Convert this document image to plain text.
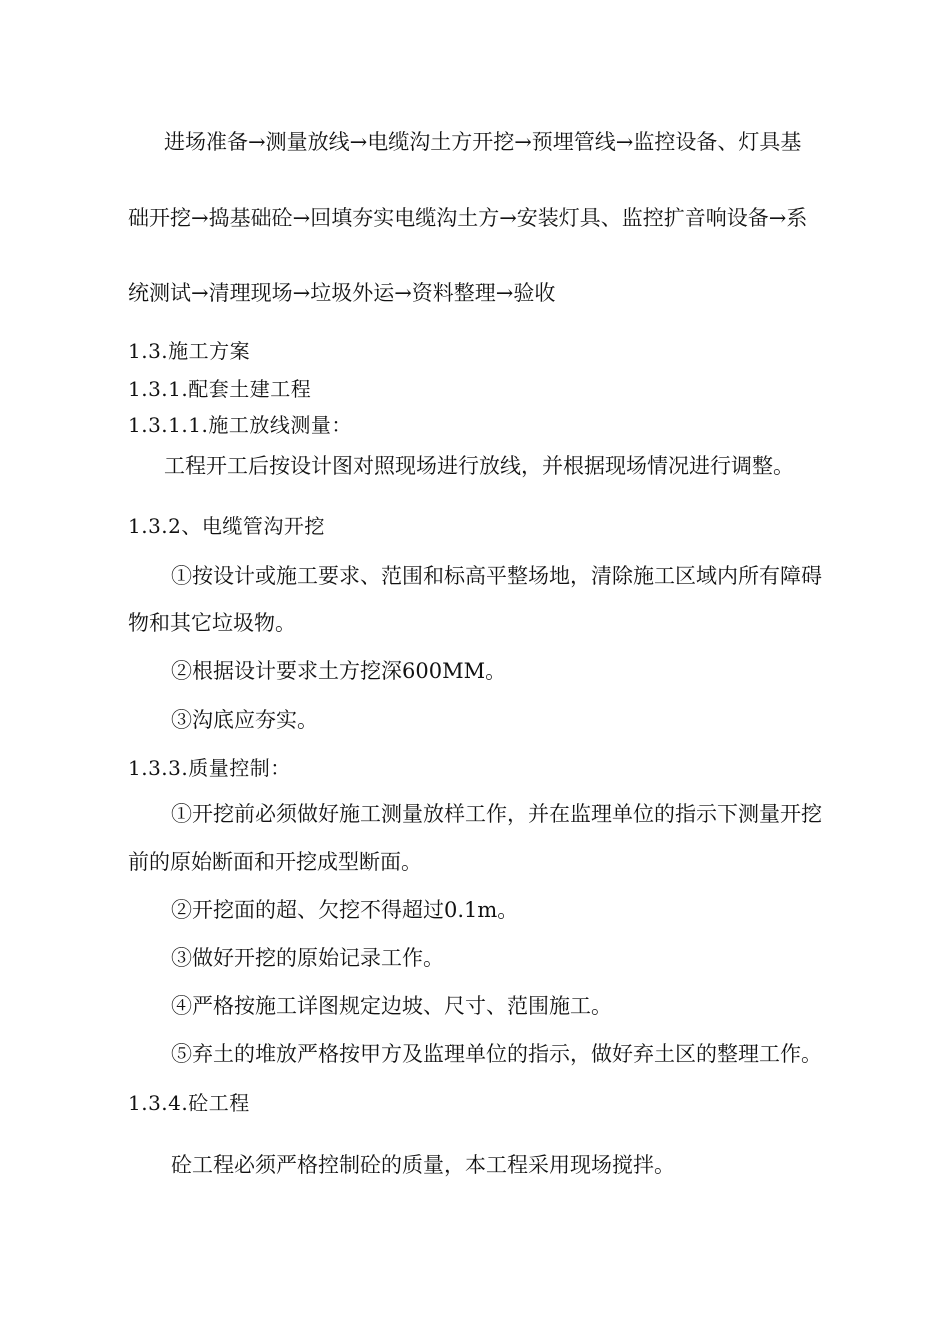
进场准备→测量放线→电缆沟土方开挖→预埋管线→监控设备、灯具基
础开挖→捣基础砼→回填夯实电缆沟土方→安装灯具、监控扩音响设备→系
统测试→清理现场→垃圾外运→资料整理→验收
1.3.施工方案
1.3.1.配套土建工程
1.3.1.1.施工放线测量：
工程开工后按设计图对照现场进行放线，并根据现场情况进行调整。
1.3.2、电缆管沟开挖
①按设计或施工要求、范围和标高平整场地，清除施工区域内所有障碍
物和其它垃圾物。
②根据设计要求土方挖深600MM。
③沟底应夯实。
1.3.3.质量控制：
①开挖前必须做好施工测量放样工作，并在监理单位的指示下测量开挖
前的原始断面和开挖成型断面。
②开挖面的超、欠挖不得超过0.1m。
③做好开挖的原始记录工作。
④严格按施工详图规定边坡、尺寸、范围施工。
⑤弃土的堆放严格按甲方及监理单位的指示，做好弃土区的整理工作。
1.3.4.砼工程
砼工程必须严格控制砼的质量，本工程采用现场搅拌。
